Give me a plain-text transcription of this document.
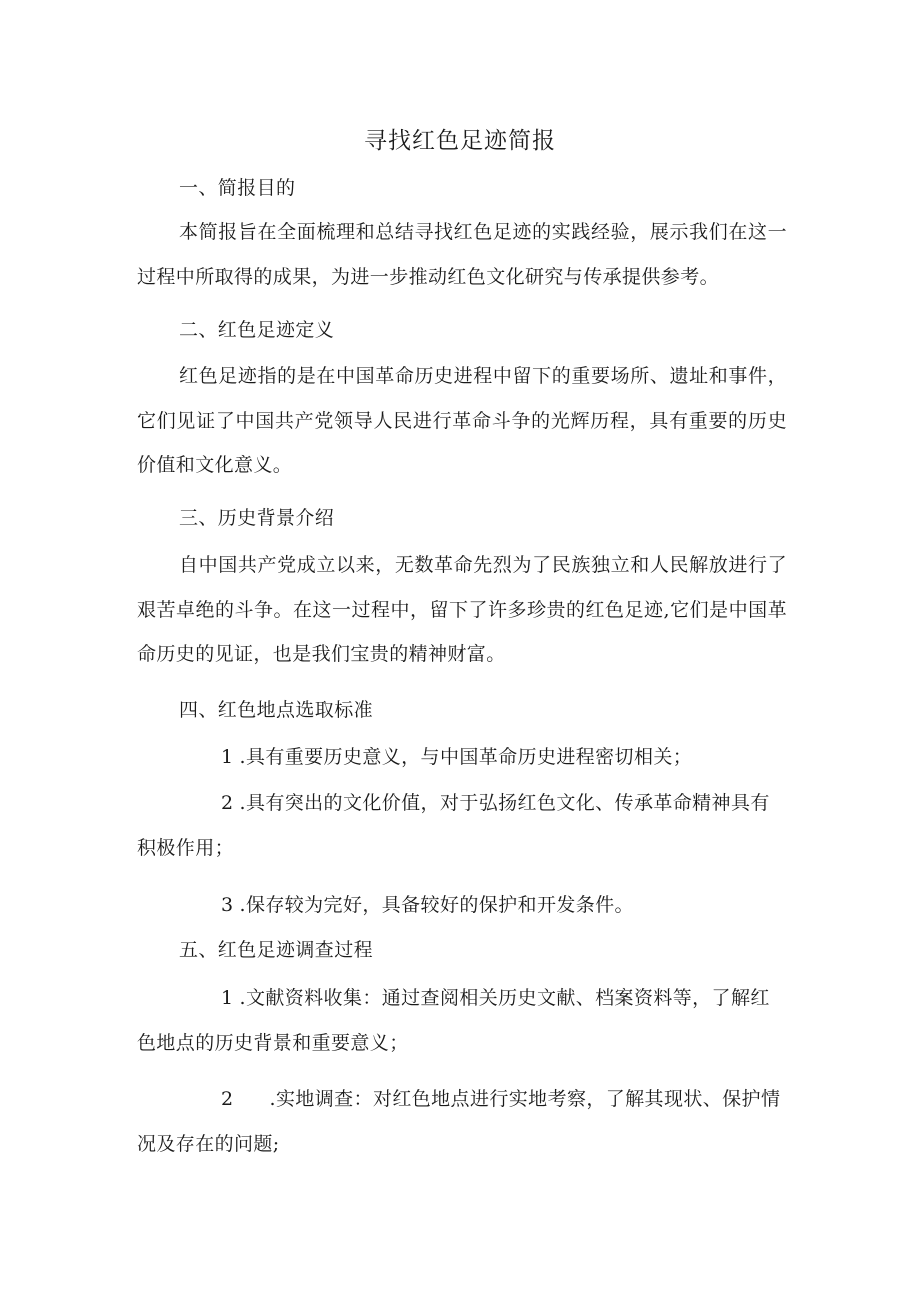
寻找红色足迹简报

一、简报目的

本简报旨在全面梳理和总结寻找红色足迹的实践经验，展示我们在这一过程中所取得的成果，为进一步推动红色文化研究与传承提供参考。

二、红色足迹定义

红色足迹指的是在中国革命历史进程中留下的重要场所、遗址和事件，它们见证了中国共产党领导人民进行革命斗争的光辉历程，具有重要的历史价值和文化意义。

三、历史背景介绍

自中国共产党成立以来，无数革命先烈为了民族独立和人民解放进行了艰苦卓绝的斗争。在这一过程中，留下了许多珍贵的红色足迹,它们是中国革命历史的见证，也是我们宝贵的精神财富。

四、红色地点选取标准

1 .具有重要历史意义，与中国革命历史进程密切相关；

2 .具有突出的文化价值，对于弘扬红色文化、传承革命精神具有积极作用；

3 .保存较为完好，具备较好的保护和开发条件。

五、红色足迹调查过程

1 .文献资料收集：通过查阅相关历史文献、档案资料等，了解红色地点的历史背景和重要意义；

2 .实地调查：对红色地点进行实地考察，了解其现状、保护情况及存在的问题;
